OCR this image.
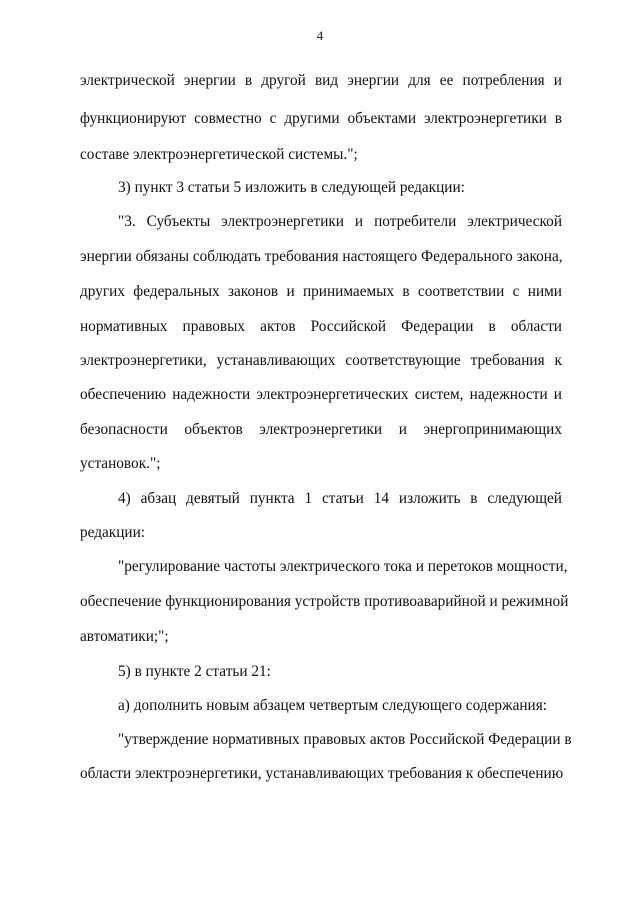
4
электрической энергии в другой вид энергии для ее потребления и
функционируют совместно с другими объектами электроэнергетики в
составе электроэнергетической системы.";
3) пункт 3 статьи 5 изложить в следующей редакции:
"3. Субъекты электроэнергетики и потребители электрической
энергии обязаны соблюдать требования настоящего Федерального закона,
других федеральных законов и принимаемых в соответствии с ними
нормативных правовых актов Российской Федерации в области
электроэнергетики, устанавливающих соответствующие требования к
обеспечению надежности электроэнергетических систем, надежности и
безопасности объектов электроэнергетики и энергопринимающих
установок.";
4) абзац девятый пункта 1 статьи 14 изложить в следующей
редакции:
"регулирование частоты электрического тока и перетоков мощности,
обеспечение функционирования устройств противоаварийной и режимной
автоматики;";
5) в пункте 2 статьи 21:
а) дополнить новым абзацем четвертым следующего содержания:
"утверждение нормативных правовых актов Российской Федерации в
области электроэнергетики, устанавливающих требования к обеспечению
